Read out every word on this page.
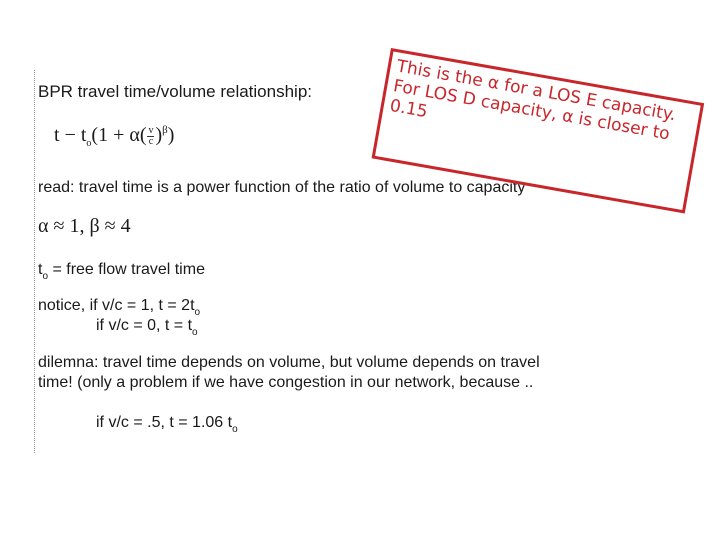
BPR travel time/volume relationship:
$t - t_o(1 + \alpha( \frac{v}{c} )^\beta)$
read: travel time is a power function of the ratio of volume to capacity
α ≈ 1, β ≈ 4
$t_o$ = free flow travel time
notice, if v/c = 1, $t = 2t_o$
if v/c = 0, $t = t_o$
dilemna: travel time depends on volume, but volume depends on travel
time! (only a problem if we have congestion in our network, because ..
if v/c = .5, t = 1.06 $t_o$
This is the α for a LOS E capacity. For LOS D capacity, α is closer to 0.15
